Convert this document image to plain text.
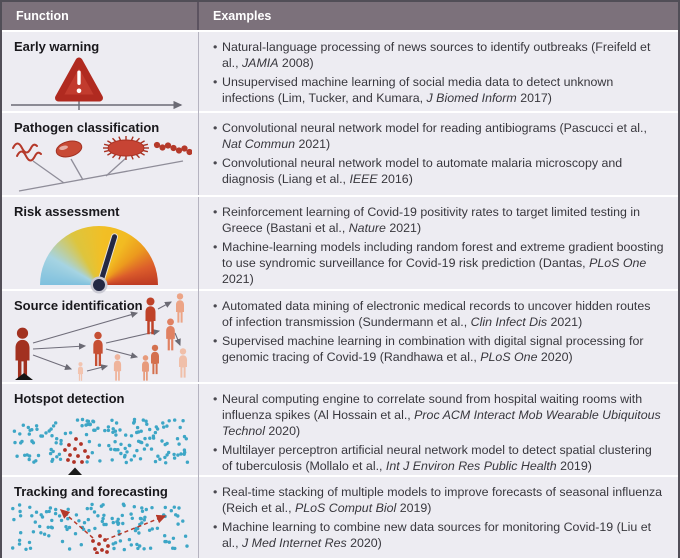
Function	Examples
Early warning	• Natural-language processing of news sources to identify outbreaks (Freifeld et al., JAMIA 2008)
• Unsupervised machine learning of social media data to detect unknown infections (Lim, Tucker, and Kumara, J Biomed Inform 2017)
Pathogen classification	• Convolutional neural network model for reading antibiograms (Pascucci et al., Nat Commun 2021)
• Convolutional neural network model to automate malaria microscopy and diagnosis (Liang et al., IEEE 2016)
Risk assessment	• Reinforcement learning of Covid-19 positivity rates to target limited testing in Greece (Bastani et al., Nature 2021)
• Machine-learning models including random forest and extreme gradient boosting to use syndromic surveillance for Covid-19 risk prediction (Dantas, PLoS One 2021)
Source identification	• Automated data mining of electronic medical records to uncover hidden routes of infection transmission (Sundermann et al., Clin Infect Dis 2021)
• Supervised machine learning in combination with digital signal processing for genomic tracing of Covid-19 (Randhawa et al., PLoS One 2020)
Hotspot detection	• Neural computing engine to correlate sound from hospital waiting rooms with influenza spikes (Al Hossain et al., Proc ACM Interact Mob Wearable Ubiquitous Technol 2020)
• Multilayer perceptron artificial neural network model to detect spatial clustering of tuberculosis (Mollalo et al., Int J Environ Res Public Health 2019)
Tracking and forecasting	• Real-time stacking of multiple models to improve forecasts of seasonal influenza (Reich et al., PLoS Comput Biol 2019)
• Machine learning to combine new data sources for monitoring Covid-19 (Liu et al., J Med Internet Res 2020)
